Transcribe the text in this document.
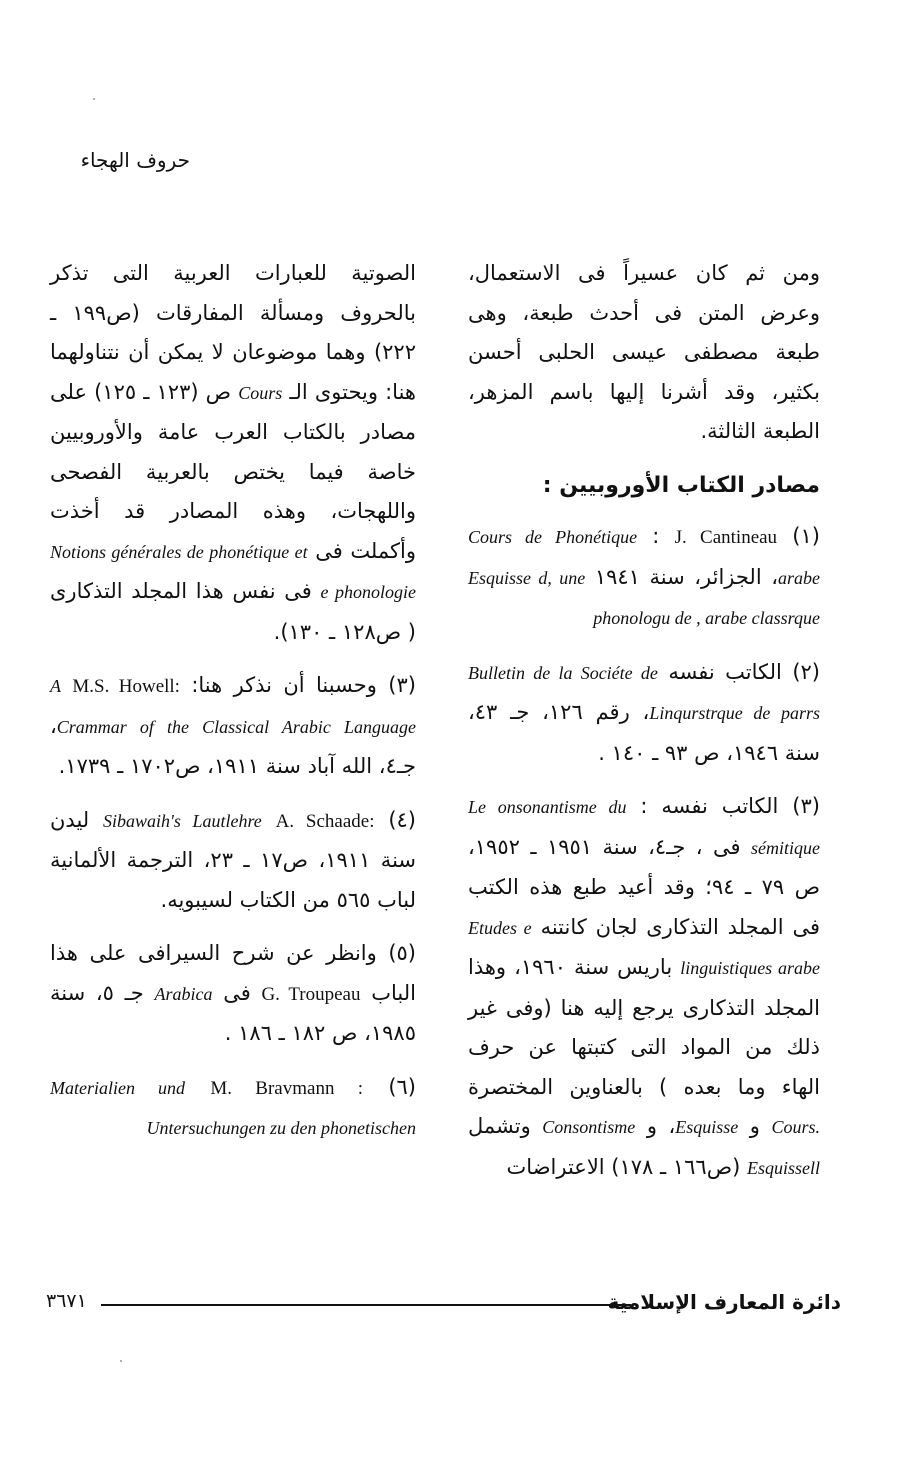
حروف الهجاء

ومن ثم كان عسيراً فى الاستعمال، وعرض المتن فى أحدث طبعة، وهى طبعة مصطفى عيسى الحلبى أحسن بكثير، وقد أشرنا إليها باسم المزهر، الطبعة الثالثة.

مصادر الكتاب الأوروبيين :

(١) J. Cantineau : Cours de Phonétique arabe، الجزائر، سنة ١٩٤١ Esquisse d, une phonologu de , arabe classrque

(٢) الكاتب نفسه Bulletin de la Sociéte de Linqurstrque de parrs، رقم ١٢٦، جـ ٤٣، سنة ١٩٤٦، ص ٩٣ ـ ١٤٠ .

(٣) الكاتب نفسه : Le onsonantisme du sémitique فى ، جـ٤، سنة ١٩٥١ ـ ١٩٥٢، ص ٧٩ ـ ٩٤؛ وقد أعيد طبع هذه الكتب فى المجلد التذكارى لجان كانتنه Etudes e linguistiques arabe باريس سنة ١٩٦٠، وهذا المجلد التذكارى يرجع إليه هنا (وفى غير ذلك من المواد التى كتبتها عن حرف الهاء وما بعده ) بالعناوين المختصرة Cours. و Esquisse، و Consontisme وتشمل Esquissell (ص١٦٦ ـ ١٧٨) الاعتراضات

الصوتية للعبارات العربية التى تذكر بالحروف ومسألة المفارقات (ص١٩٩ ـ ٢٢٢) وهما موضوعان لا يمكن أن نتناولهما هنا: ويحتوى الـ Cours ص (١٢٣ ـ ١٢٥) على مصادر بالكتاب العرب عامة والأوروبيين خاصة فيما يختص بالعربية الفصحى واللهجات، وهذه المصادر قد أخذت وأكملت فى Notions générales de phonétique et e phonologie فى نفس هذا المجلد التذكارى ( ص١٢٨ ـ ١٣٠).

(٣) وحسبنا أن نذكر هنا: M.S. Howell: A Crammar of the Classical Arabic Language، جـ٤، الله آباد سنة ١٩١١، ص١٧٠٢ ـ ١٧٣٩.

(٤) A. Schaade: Sibawaih's Lautlehre ليدن سنة ١٩١١، ص١٧ ـ ٢٣، الترجمة الألمانية لباب ٥٦٥ من الكتاب لسيبويه.

(٥) وانظر عن شرح السيرافى على هذا الباب G. Troupeau فى Arabica جـ ٥، سنة ١٩٨٥، ص ١٨٢ ـ ١٨٦ .

(٦) M. Bravmann : Materialien und Untersuchungen zu den phonetischen

٣٦٧١	دائرة المعارف الإسلامية
